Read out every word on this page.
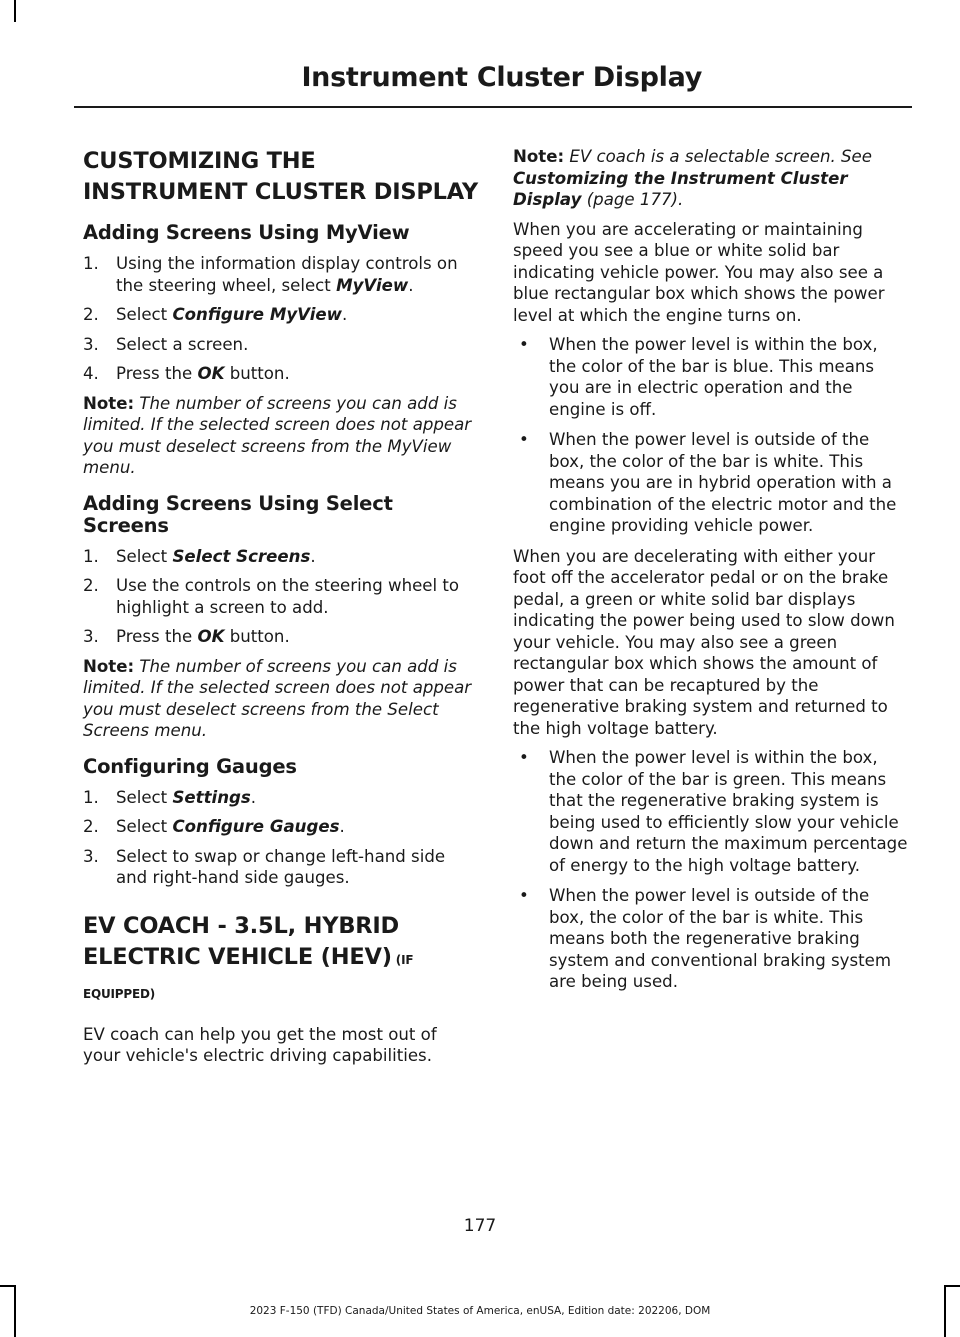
Instrument Cluster Display
CUSTOMIZING THE INSTRUMENT CLUSTER DISPLAY
Adding Screens Using MyView
1. Using the information display controls on the steering wheel, select MyView.
2. Select Configure MyView.
3. Select a screen.
4. Press the OK button.

Note: The number of screens you can add is limited. If the selected screen does not appear you must deselect screens from the MyView menu.

Adding Screens Using Select Screens
1. Select Select Screens.
2. Use the controls on the steering wheel to highlight a screen to add.
3. Press the OK button.

Note: The number of screens you can add is limited. If the selected screen does not appear you must deselect screens from the Select Screens menu.

Configuring Gauges
1. Select Settings.
2. Select Configure Gauges.
3. Select to swap or change left-hand side and right-hand side gauges.
EV COACH - 3.5L, HYBRID ELECTRIC VEHICLE (HEV) (IF EQUIPPED)

EV coach can help you get the most out of your vehicle's electric driving capabilities.

Note: EV coach is a selectable screen. See Customizing the Instrument Cluster Display (page 177).

When you are accelerating or maintaining speed you see a blue or white solid bar indicating vehicle power. You may also see a blue rectangular box which shows the power level at which the engine turns on.

• When the power level is within the box, the color of the bar is blue. This means you are in electric operation and the engine is off.
• When the power level is outside of the box, the color of the bar is white. This means you are in hybrid operation with a combination of the electric motor and the engine providing vehicle power.

When you are decelerating with either your foot off the accelerator pedal or on the brake pedal, a green or white solid bar displays indicating the power being used to slow down your vehicle. You may also see a green rectangular box which shows the amount of power that can be recaptured by the regenerative braking system and returned to the high voltage battery.

• When the power level is within the box, the color of the bar is green. This means that the regenerative braking system is being used to efficiently slow your vehicle down and return the maximum percentage of energy to the high voltage battery.
• When the power level is outside of the box, the color of the bar is white. This means both the regenerative braking system and conventional braking system are being used.
177
2023 F-150 (TFD) Canada/United States of America, enUSA, Edition date: 202206, DOM
